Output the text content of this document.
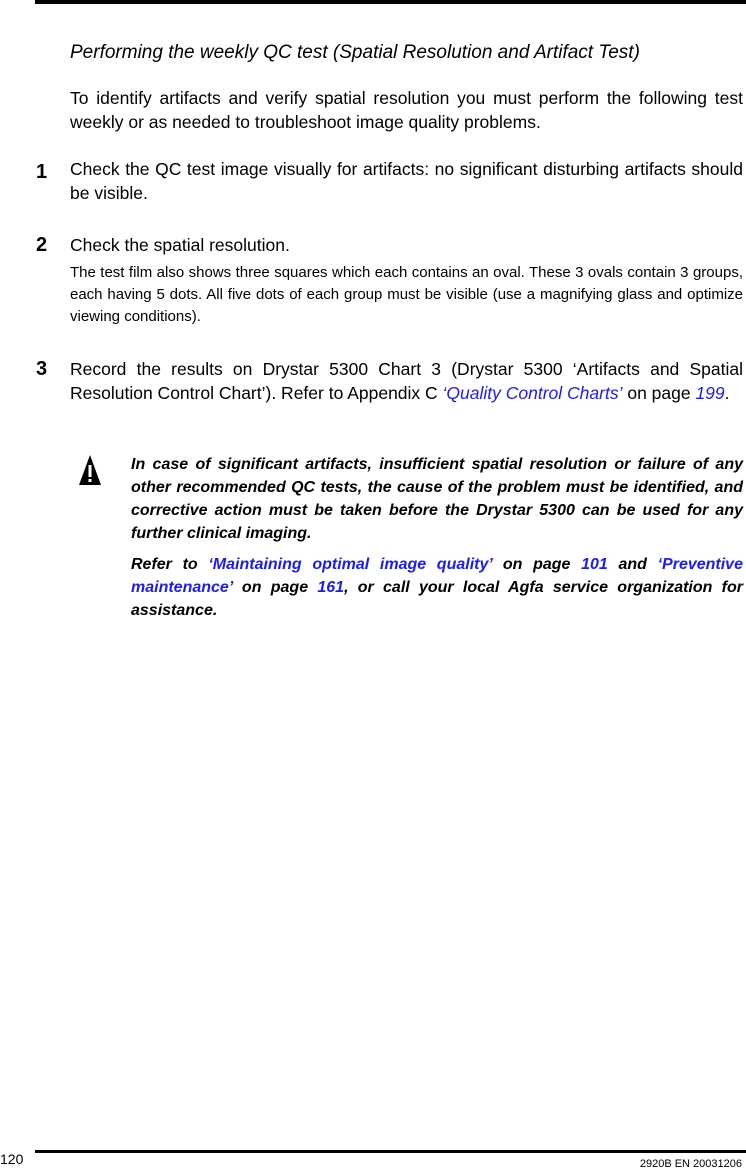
Performing the weekly QC test (Spatial Resolution and Artifact Test)
To identify artifacts and verify spatial resolution you must perform the following test weekly or as needed to troubleshoot image quality problems.
1 Check the QC test image visually for artifacts: no significant disturbing artifacts should be visible.
2 Check the spatial resolution.
The test film also shows three squares which each contains an oval. These 3 ovals contain 3 groups, each having 5 dots. All five dots of each group must be visible (use a magnifying glass and optimize viewing conditions).
3 Record the results on Drystar 5300 Chart 3 (Drystar 5300 ‘Artifacts and Spatial Resolution Control Chart’). Refer to Appendix C ‘Quality Control Charts’ on page 199.
In case of significant artifacts, insufficient spatial resolution or failure of any other recommended QC tests, the cause of the problem must be identified, and corrective action must be taken before the Drystar 5300 can be used for any further clinical imaging.
Refer to ‘Maintaining optimal image quality’ on page 101 and ‘Preventive maintenance’ on page 161, or call your local Agfa service organization for assistance.
120	2920B EN 20031206
